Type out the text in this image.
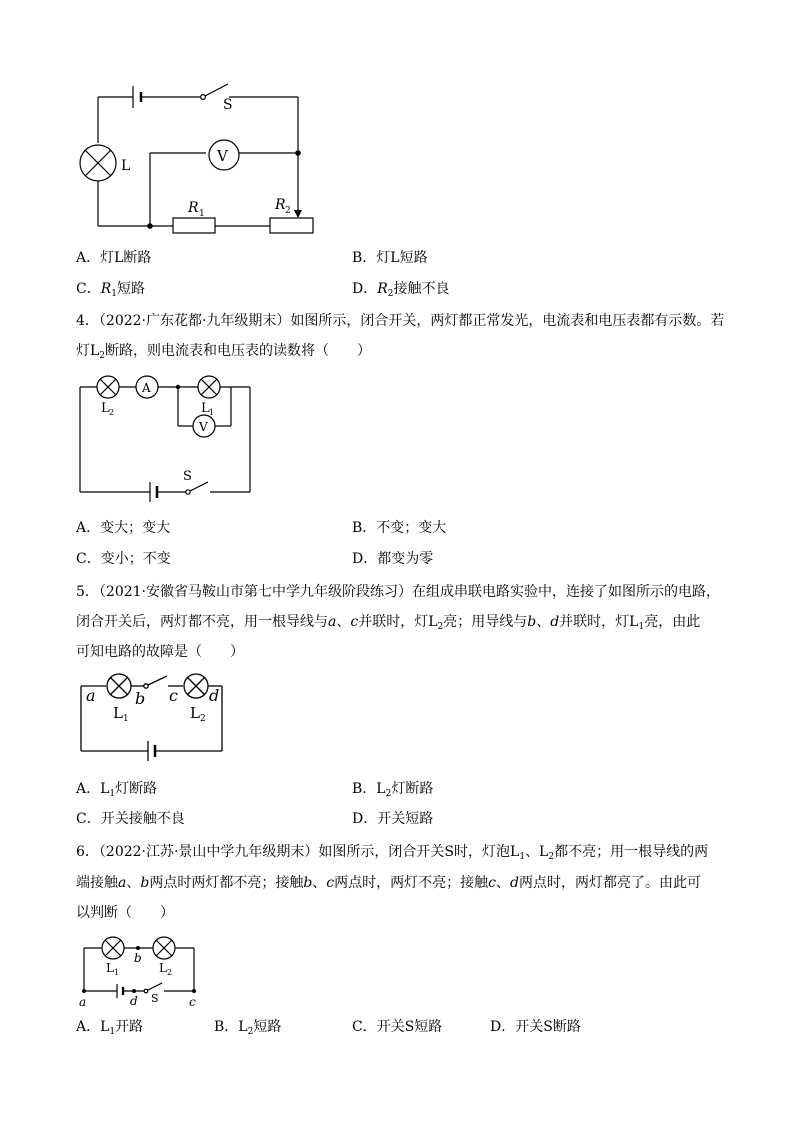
S
L
V
R 1
R 2
A．灯L断路	B．灯L短路
C．$R_1$短路	D．$R_2$接触不良
4．（2022·广东花都·九年级期末）如图所示，闭合开关，两灯都正常发光，电流表和电压表都有示数。若
灯$L_2$断路，则电流表和电压表的读数将（　　）
A
V
L 2	L 1
S
A．变大；变大	B．不变；变大
C．变小；不变	D．都变为零
5．（2021·安徽省马鞍山市第七中学九年级阶段练习）在组成串联电路实验中，连接了如图所示的电路，
闭合开关后，两灯都不亮，用一根导线与a、c并联时，灯$L_2$亮；用导线与b、d并联时，灯$L_1$亮，由此
可知电路的故障是（　　）
a b c d
L 1	L 2
A．$L_1$灯断路	B．$L_2$灯断路
C．开关接触不良	D．开关短路
6．（2022·江苏·景山中学九年级期末）如图所示，闭合开关S时，灯泡$L_1$、$L_2$都不亮；用一根导线的两
端接触a、b两点时两灯都不亮；接触b、c两点时，两灯不亮；接触c、d两点时，两灯都亮了。由此可
以判断（　　）
L 1	L 2
b
a	d S	c
A．$L_1$开路	B．$L_2$短路	C．开关S短路	D．开关S断路
